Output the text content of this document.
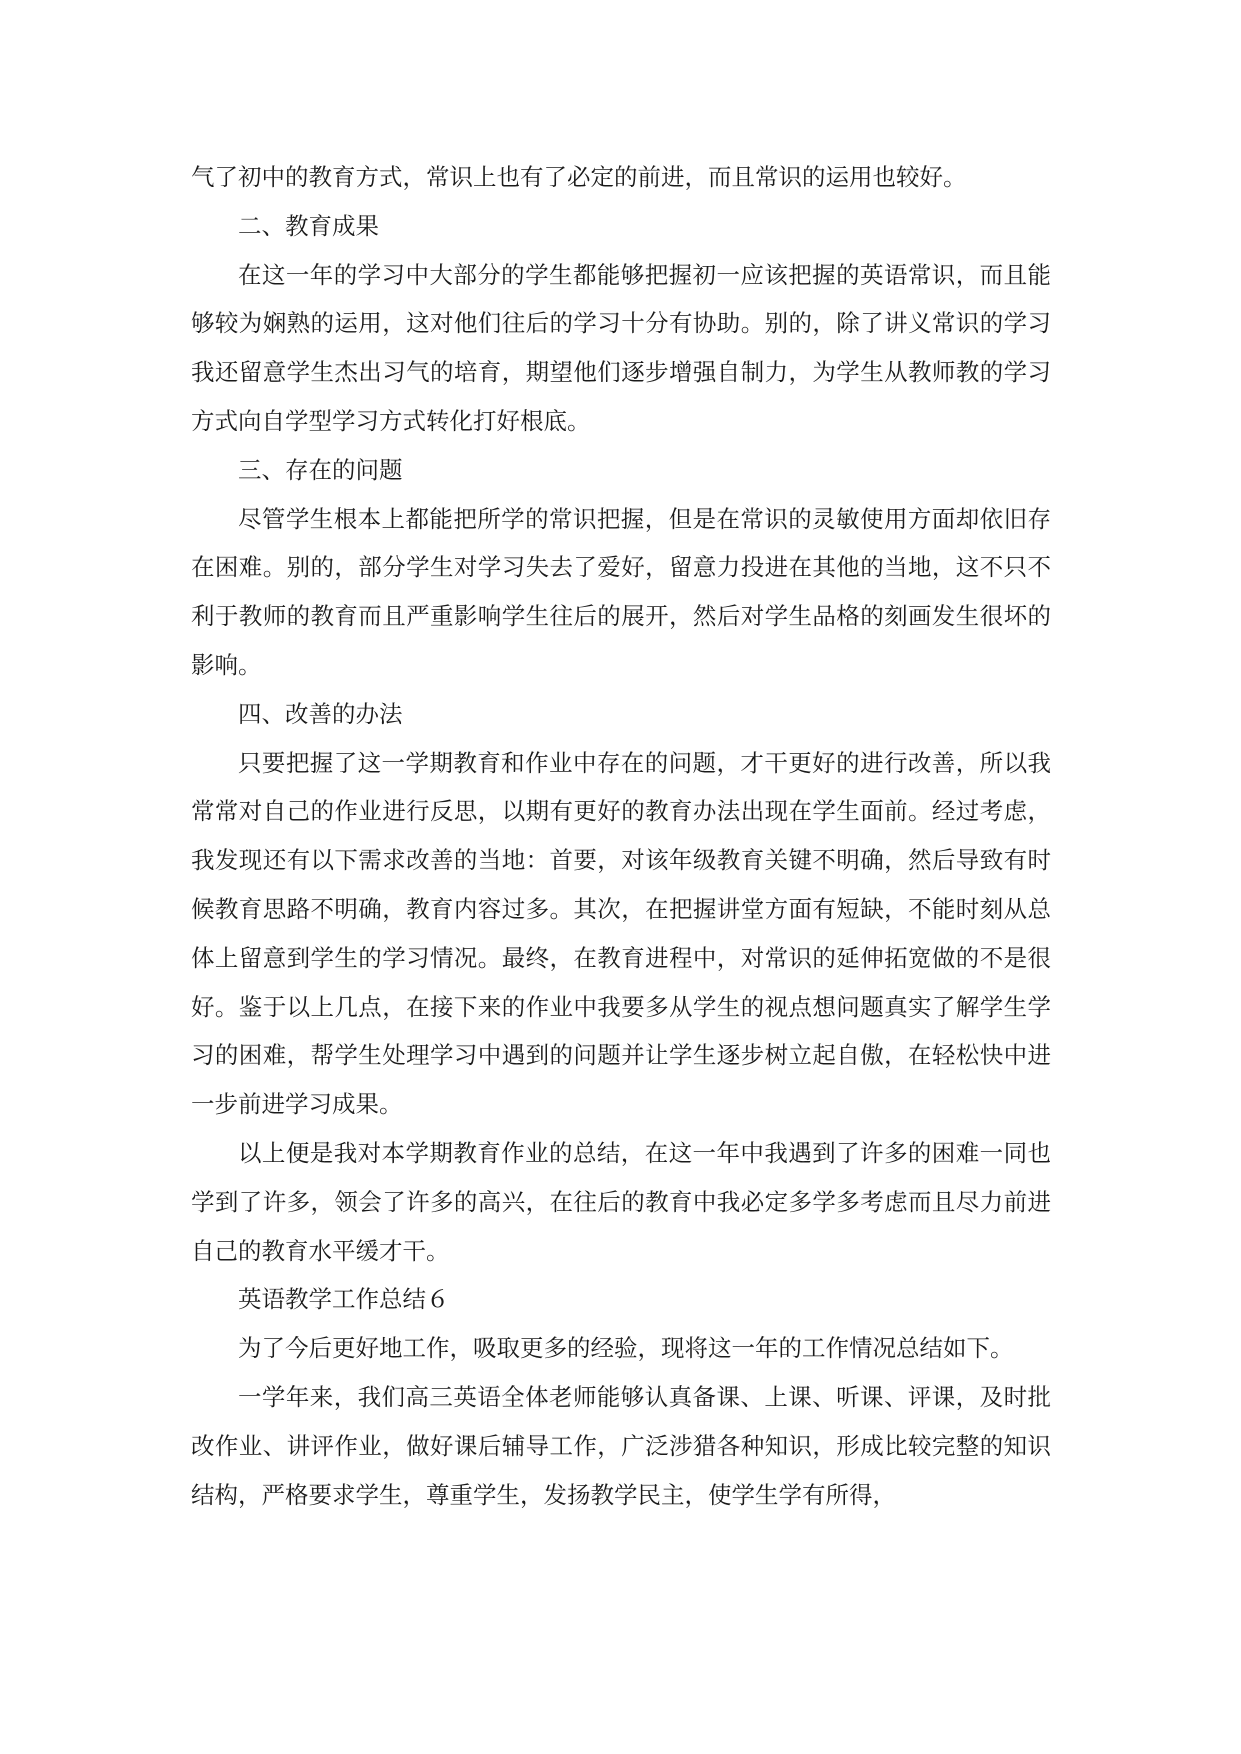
气了初中的教育方式，常识上也有了必定的前进，而且常识的运用也较好。

二、教育成果

在这一年的学习中大部分的学生都能够把握初一应该把握的英语常识，而且能够较为娴熟的运用，这对他们往后的学习十分有协助。别的，除了讲义常识的学习我还留意学生杰出习气的培育，期望他们逐步增强自制力，为学生从教师教的学习方式向自学型学习方式转化打好根底。

三、存在的问题

尽管学生根本上都能把所学的常识把握，但是在常识的灵敏使用方面却依旧存在困难。别的，部分学生对学习失去了爱好，留意力投进在其他的当地，这不只不利于教师的教育而且严重影响学生往后的展开，然后对学生品格的刻画发生很坏的影响。

四、改善的办法

只要把握了这一学期教育和作业中存在的问题，才干更好的进行改善，所以我常常对自己的作业进行反思，以期有更好的教育办法出现在学生面前。经过考虑，我发现还有以下需求改善的当地：首要，对该年级教育关键不明确，然后导致有时候教育思路不明确，教育内容过多。其次，在把握讲堂方面有短缺，不能时刻从总体上留意到学生的学习情况。最终，在教育进程中，对常识的延伸拓宽做的不是很好。鉴于以上几点，在接下来的作业中我要多从学生的视点想问题真实了解学生学习的困难，帮学生处理学习中遇到的问题并让学生逐步树立起自傲，在轻松快中进一步前进学习成果。

以上便是我对本学期教育作业的总结，在这一年中我遇到了许多的困难一同也学到了许多，领会了许多的高兴，在往后的教育中我必定多学多考虑而且尽力前进自己的教育水平缓才干。

英语教学工作总结６

为了今后更好地工作，吸取更多的经验，现将这一年的工作情况总结如下。

一学年来，我们高三英语全体老师能够认真备课、上课、听课、评课，及时批改作业、讲评作业，做好课后辅导工作，广泛涉猎各种知识，形成比较完整的知识结构，严格要求学生，尊重学生，发扬教学民主，使学生学有所得，
